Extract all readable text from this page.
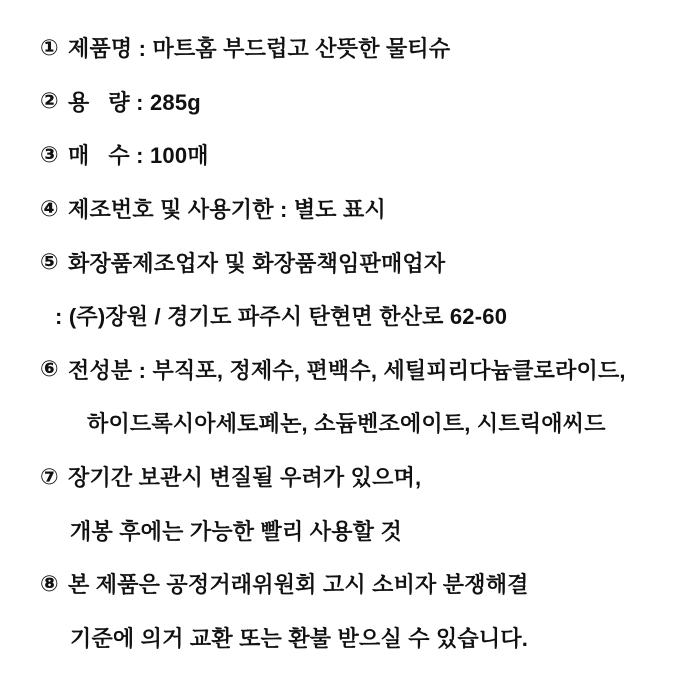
① 제품명 : 마트홈 부드럽고 산뜻한 물티슈
② 용   량 : 285g
③ 매   수 : 100매
④ 제조번호 및 사용기한 : 별도 표시
⑤ 화장품제조업자 및 화장품책임판매업자
: (주)장원 / 경기도 파주시 탄현면 한산로 62-60
⑥ 전성분 : 부직포, 정제수, 편백수, 세틸피리다늄클로라이드,
하이드록시아세토페논, 소듐벤조에이트, 시트릭애씨드
⑦ 장기간 보관시 변질될 우려가 있으며,
개봉 후에는 가능한 빨리 사용할 것
⑧ 본 제품은 공정거래위원회 고시 소비자 분쟁해결
기준에 의거 교환 또는 환불 받으실 수 있습니다.
